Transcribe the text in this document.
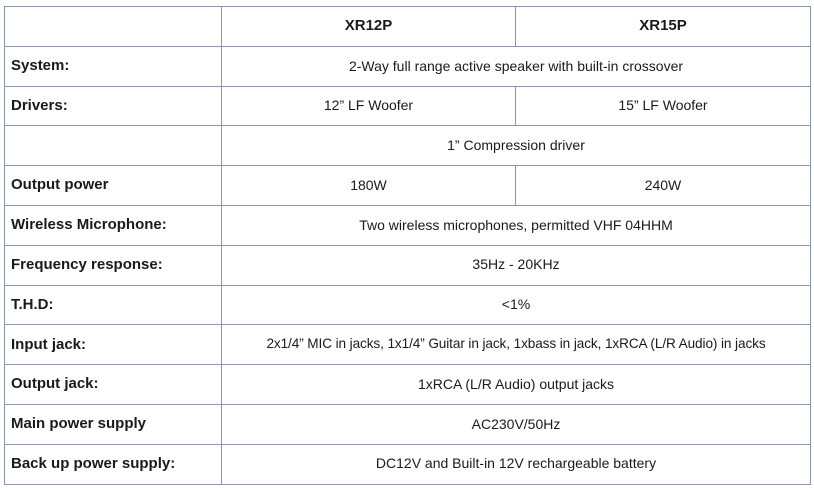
	XR12P	XR15P
System:	2-Way full range active speaker with built-in crossover	
Drivers:	12” LF Woofer	15” LF Woofer
	1” Compression driver	
Output power	180W	240W
Wireless Microphone:	Two wireless microphones, permitted VHF 04HHM	
Frequency response:	35Hz - 20KHz	
T.H.D:	<1%	
Input jack:	2x1/4” MIC in jacks, 1x1/4” Guitar in jack, 1xbass in jack, 1xRCA (L/R Audio) in jacks	
Output jack:	1xRCA (L/R Audio) output jacks	
Main power supply	AC230V/50Hz	
Back up power supply:	DC12V and Built-in 12V rechargeable battery	
